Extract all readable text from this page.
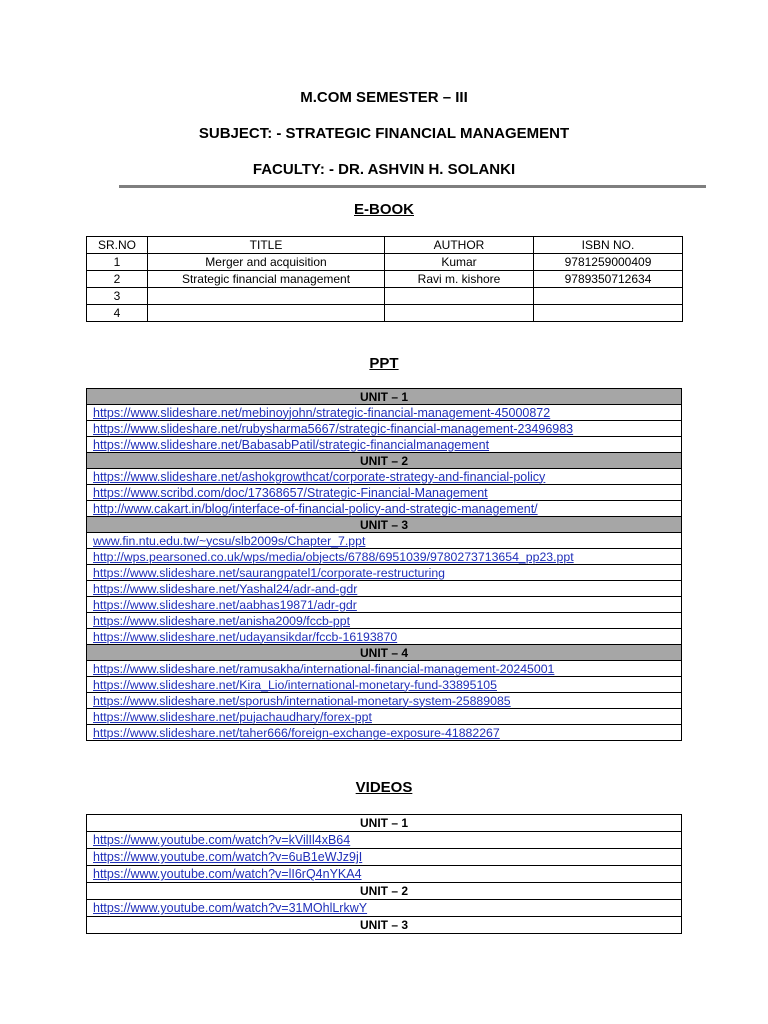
M.COM SEMESTER – III
SUBJECT: - STRATEGIC FINANCIAL MANAGEMENT
FACULTY: - DR. ASHVIN H. SOLANKI
E-BOOK
SR.NO	TITLE	AUTHOR	ISBN NO.
1	Merger and acquisition	Kumar	9781259000409
2	Strategic financial management	Ravi m. kishore	9789350712634
3			
4			
PPT
UNIT – 1
https://www.slideshare.net/mebinoyjohn/strategic-financial-management-45000872
https://www.slideshare.net/rubysharma5667/strategic-financial-management-23496983
https://www.slideshare.net/BabasabPatil/strategic-financialmanagement
UNIT – 2
https://www.slideshare.net/ashokgrowthcat/corporate-strategy-and-financial-policy
https://www.scribd.com/doc/17368657/Strategic-Financial-Management
http://www.cakart.in/blog/interface-of-financial-policy-and-strategic-management/
UNIT – 3
www.fin.ntu.edu.tw/~ycsu/slb2009s/Chapter_7.ppt
http://wps.pearsoned.co.uk/wps/media/objects/6788/6951039/9780273713654_pp23.ppt
https://www.slideshare.net/saurangpatel1/corporate-restructuring
https://www.slideshare.net/Yashal24/adr-and-gdr
https://www.slideshare.net/aabhas19871/adr-gdr
https://www.slideshare.net/anisha2009/fccb-ppt
https://www.slideshare.net/udayansikdar/fccb-16193870
UNIT – 4
https://www.slideshare.net/ramusakha/international-financial-management-20245001
https://www.slideshare.net/Kira_Lio/international-monetary-fund-33895105
https://www.slideshare.net/sporush/international-monetary-system-25889085
https://www.slideshare.net/pujachaudhary/forex-ppt
https://www.slideshare.net/taher666/foreign-exchange-exposure-41882267
VIDEOS
UNIT – 1
https://www.youtube.com/watch?v=kVilIl4xB64
https://www.youtube.com/watch?v=6uB1eWJz9jI
https://www.youtube.com/watch?v=lI6rQ4nYKA4
UNIT – 2
https://www.youtube.com/watch?v=31MOhlLrkwY
UNIT – 3
